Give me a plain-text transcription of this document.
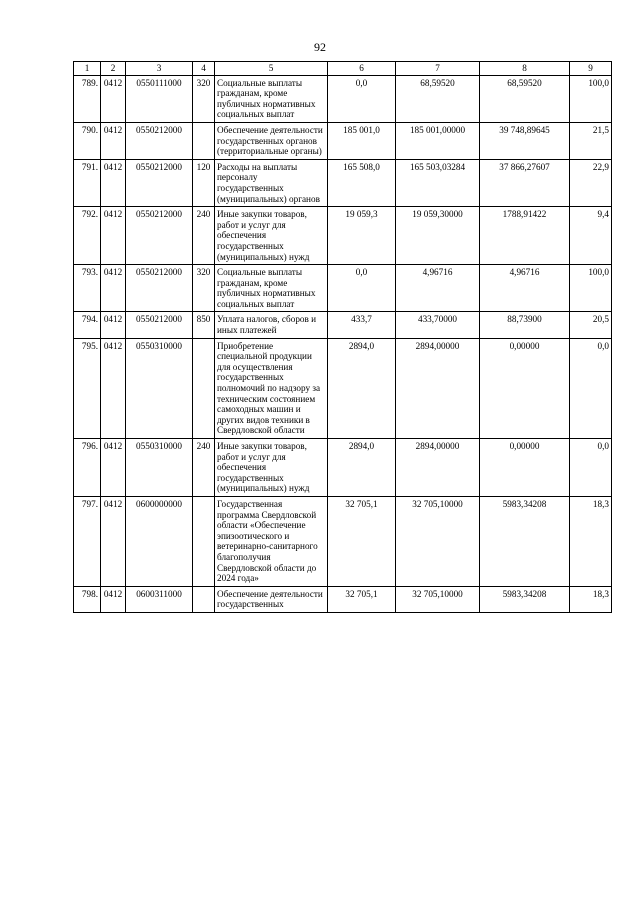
92
1	2	3	4	5	6	7	8	9
789.	0412	0550111000	320	Социальные выплаты гражданам, кроме публичных нормативных социальных выплат	0,0	68,59520	68,59520	100,0
790.	0412	0550212000		Обеспечение деятельности государственных органов (территориальные органы)	185 001,0	185 001,00000	39 748,89645	21,5
791.	0412	0550212000	120	Расходы на выплаты персоналу государственных (муниципальных) органов	165 508,0	165 503,03284	37 866,27607	22,9
792.	0412	0550212000	240	Иные закупки товаров, работ и услуг для обеспечения государственных (муниципальных) нужд	19 059,3	19 059,30000	1788,91422	9,4
793.	0412	0550212000	320	Социальные выплаты гражданам, кроме публичных нормативных социальных выплат	0,0	4,96716	4,96716	100,0
794.	0412	0550212000	850	Уплата налогов, сборов и иных платежей	433,7	433,70000	88,73900	20,5
795.	0412	0550310000		Приобретение специальной продукции для осуществления государственных полномочий по надзору за техническим состоянием самоходных машин и других видов техники в Свердловской области	2894,0	2894,00000	0,00000	0,0
796.	0412	0550310000	240	Иные закупки товаров, работ и услуг для обеспечения государственных (муниципальных) нужд	2894,0	2894,00000	0,00000	0,0
797.	0412	0600000000		Государственная программа Свердловской области «Обеспечение эпизоотического и ветеринарно-санитарного благополучия Свердловской области до 2024 года»	32 705,1	32 705,10000	5983,34208	18,3
798.	0412	0600311000		Обеспечение деятельности государственных	32 705,1	32 705,10000	5983,34208	18,3
